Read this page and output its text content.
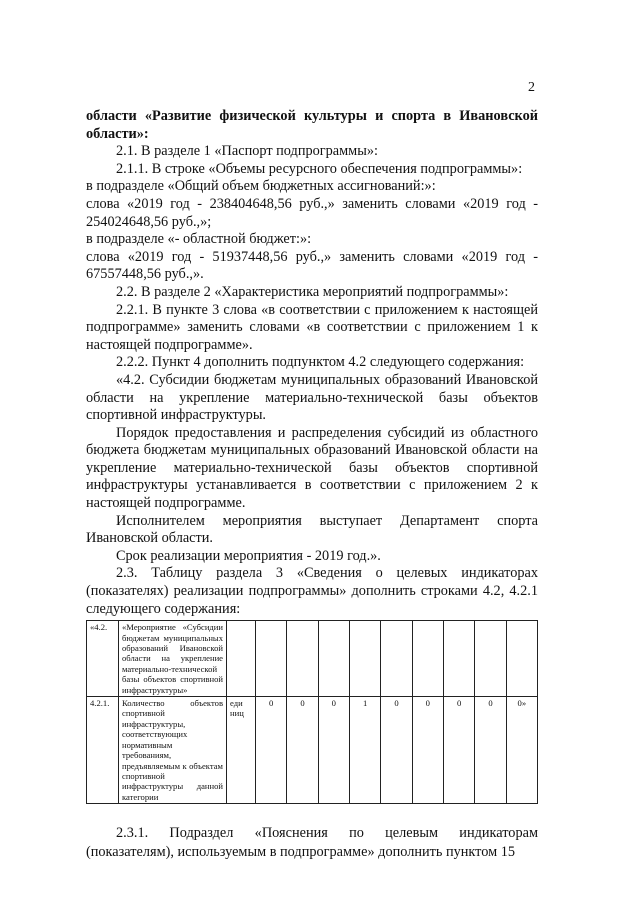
2

области «Развитие физической культуры и спорта в Ивановской области»:

2.1. В разделе 1 «Паспорт подпрограммы»:

2.1.1. В строке «Объемы ресурсного обеспечения подпрограммы»:

в подразделе «Общий объем бюджетных ассигнований:»:

слова «2019 год - 238404648,56 руб.,» заменить словами «2019 год - 254024648,56 руб.,»;

в подразделе «- областной бюджет:»:

слова «2019 год - 51937448,56 руб.,» заменить словами «2019 год - 67557448,56 руб.,».

2.2. В разделе 2 «Характеристика мероприятий подпрограммы»:

2.2.1. В пункте 3 слова «в соответствии с приложением к настоящей подпрограмме» заменить словами «в соответствии с приложением 1 к настоящей подпрограмме».

2.2.2. Пункт 4 дополнить подпунктом 4.2 следующего содержания:

«4.2. Субсидии бюджетам муниципальных образований Ивановской области на укрепление материально-технической базы объектов спортивной инфраструктуры.

Порядок предоставления и распределения субсидий из областного бюджета бюджетам муниципальных образований Ивановской области на укрепление материально-технической базы объектов спортивной инфраструктуры устанавливается в соответствии с приложением 2 к настоящей подпрограмме.

Исполнителем мероприятия выступает Департамент спорта Ивановской области.

Срок реализации мероприятия - 2019 год.».

2.3. Таблицу раздела 3 «Сведения о целевых индикаторах (показателях) реализации подпрограммы» дополнить строками 4.2, 4.2.1 следующего содержания:

«4.2.	«Мероприятие «Субсидии бюджетам муниципальных образований Ивановской области на укрепление материально-технической базы объектов спортивной инфраструктуры»										
4.2.1.	Количество объектов спортивной инфраструктуры, соответствующих нормативным требованиям, предъявляемым к объектам спортивной инфраструктуры данной категории	еди ниц	0	0	0	1	0	0	0	0	0»

2.3.1. Подраздел «Пояснения по целевым индикаторам (показателям), используемым в подпрограмме» дополнить пунктом 15
